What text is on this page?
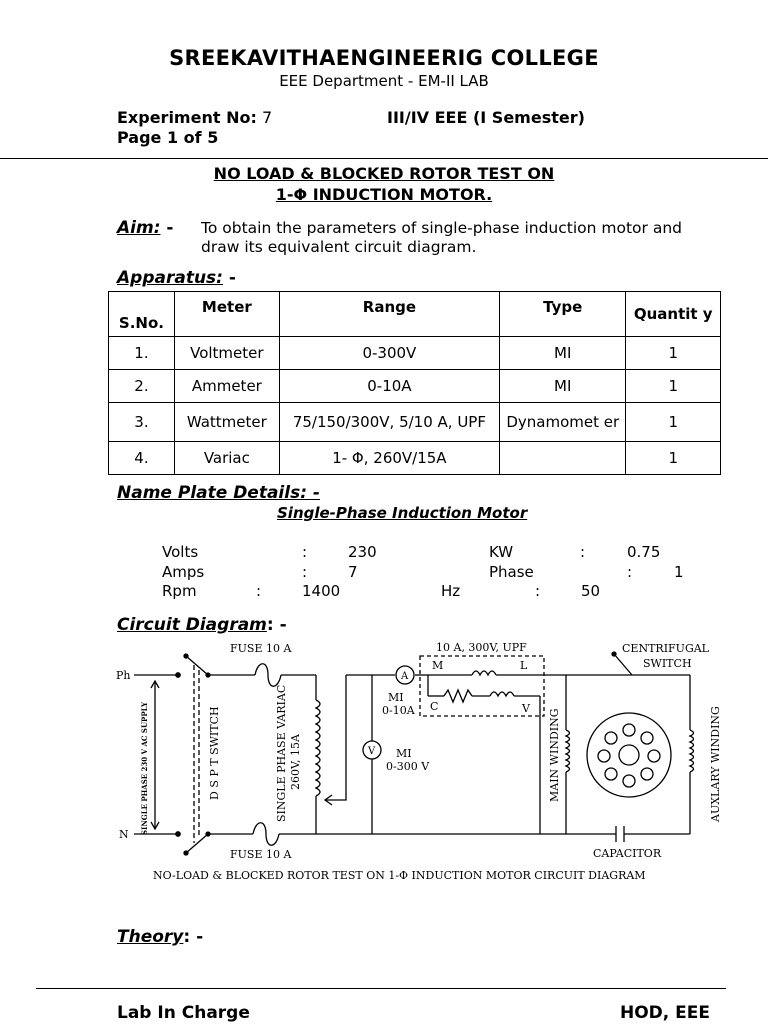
SREEKAVITHAENGINEERIG COLLEGE
EEE Department - EM-II LAB
Experiment No: 7	III/IV EEE (I Semester)
Page 1 of 5
NO LOAD & BLOCKED ROTOR TEST ON
1-Φ INDUCTION MOTOR.
Aim: - To obtain the parameters of single-phase induction motor and
draw its equivalent circuit diagram.
Apparatus: -
S.No.	Meter	Range	Type	Quantit y
1.	Voltmeter	0-300V	MI	1
2.	Ammeter	0-10A	MI	1
3.	Wattmeter	75/150/300V, 5/10 A, UPF	Dynamomet er	1
4.	Variac	1- Φ, 260V/15A		1
Name Plate Details: -
Single-Phase Induction Motor
Volts	:	230	KW	:	0.75
Amps	:	7	Phase	:	1
Rpm	:	1400	Hz	:	50
Circuit Diagram: -
Ph
N SINGLE PHASE 230 V AC SUPPLY	D S P T SWITCH
FUSE 10 A
FUSE 10 A
SINGLE PHASE VARIAC 260V, 15A
A
MI
0-10A
V MI
0-300 V
10 A, 300V, UPF
M	L
C	V
CENTRIFUGAL
SWITCH
MAIN WINDING	AUXLARY WINDING
CAPACITOR
NO-LOAD & BLOCKED ROTOR TEST ON 1-Φ INDUCTION MOTOR CIRCUIT DIAGRAM
Theory: -
Lab In Charge	HOD, EEE
